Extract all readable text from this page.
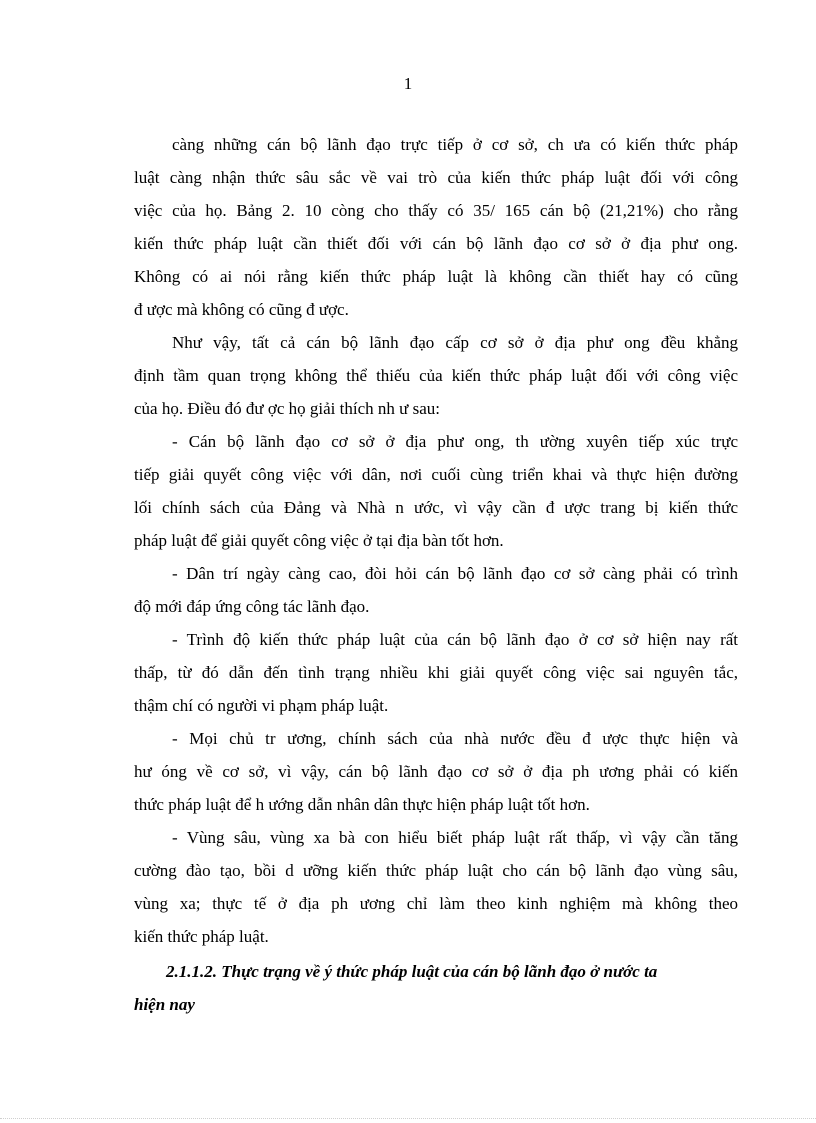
1

càng những cán bộ lãnh đạo trực tiếp ở cơ sở, ch ưa có kiến thức pháp
luật càng nhận thức sâu sắc về vai trò của kiến thức pháp luật đối với công
việc của họ. Bảng 2. 10 còng cho thấy có 35/ 165 cán bộ (21,21%) cho rằng
kiến thức pháp luật cần thiết đối với cán bộ lãnh đạo cơ sở ở địa phư ong.
Không có ai nói rằng kiến thức pháp luật là không cần thiết hay có cũng
đ ược mà không có cũng đ ược.

Như vậy, tất cả cán bộ lãnh đạo cấp cơ sở ở địa phư ong đều khẳng
định tầm quan trọng không thể thiếu của kiến thức pháp luật đối với công việc
của họ. Điều đó đư ợc họ giải thích nh ư sau:

- Cán bộ lãnh đạo cơ sở ở địa phư ong, th ường xuyên tiếp xúc trực
tiếp giải quyết công việc với dân, nơi cuối cùng triển khai và thực hiện đường
lối chính sách của Đảng và Nhà n ước, vì vậy cần đ ược trang bị kiến thức
pháp luật để giải quyết công việc ở tại địa bàn tốt hơn.

- Dân trí ngày càng cao, đòi hỏi cán bộ lãnh đạo cơ sở càng phải có trình
độ mới đáp ứng công tác lãnh đạo.

- Trình độ kiến thức pháp luật của cán bộ lãnh đạo ở cơ sở hiện nay rất
thấp, từ đó dẫn đến tình trạng nhiều khi giải quyết công việc sai nguyên tắc,
thậm chí có người vi phạm pháp luật.

- Mọi chủ tr ương, chính sách của nhà nước đều đ ược thực hiện và
hư óng về cơ sở, vì vậy, cán bộ lãnh đạo cơ sở ở địa ph ương phải có kiến
thức pháp luật để h ướng dẫn nhân dân thực hiện pháp luật tốt hơn.

- Vùng sâu, vùng xa bà con hiểu biết pháp luật rất thấp, vì vậy cần tăng
cường đào tạo, bồi d ưỡng kiến thức pháp luật cho cán bộ lãnh đạo vùng sâu,
vùng xa; thực tế ở địa ph ương chỉ làm theo kinh nghiệm mà không theo
kiến thức pháp luật.

2.1.1.2. Thực trạng về ý thức pháp luật của cán bộ lãnh đạo ở nước ta
hiện nay
